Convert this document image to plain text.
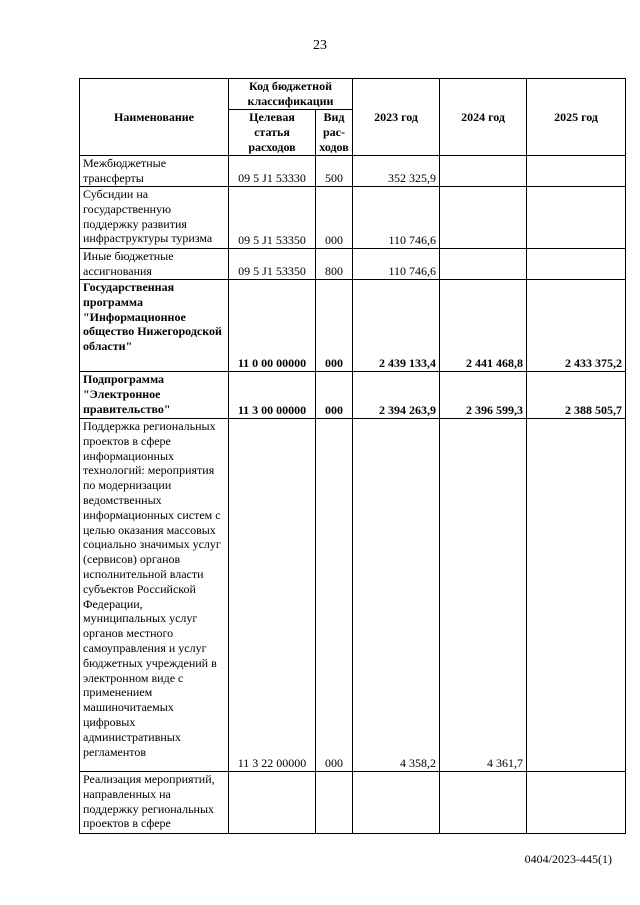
23
Наименование	Код бюджетной классификации		2023 год	2024 год	2025 год
	Целевая статья расходов	Вид рас-ходов			
Межбюджетные трансферты	09 5 J1 53330	500	352 325,9		
Субсидии на государственную поддержку развития инфраструктуры туризма	09 5 J1 53350	000	110 746,6		
Иные бюджетные ассигнования	09 5 J1 53350	800	110 746,6		
Государственная программа "Информационное общество Нижегородской области"	11 0 00 00000	000	2 439 133,4	2 441 468,8	2 433 375,2
Подпрограмма "Электронное правительство"	11 3 00 00000	000	2 394 263,9	2 396 599,3	2 388 505,7
Поддержка региональных проектов в сфере информационных технологий: мероприятия по модернизации ведомственных информационных систем с целью оказания массовых социально значимых услуг (сервисов) органов исполнительной власти субъектов Российской Федерации, муниципальных услуг органов местного самоуправления и услуг бюджетных учреждений в электронном виде с применением машиночитаемых цифровых административных регламентов	11 3 22 00000	000	4 358,2	4 361,7	
Реализация мероприятий, направленных на поддержку региональных проектов в сфере					
0404/2023-445(1)
